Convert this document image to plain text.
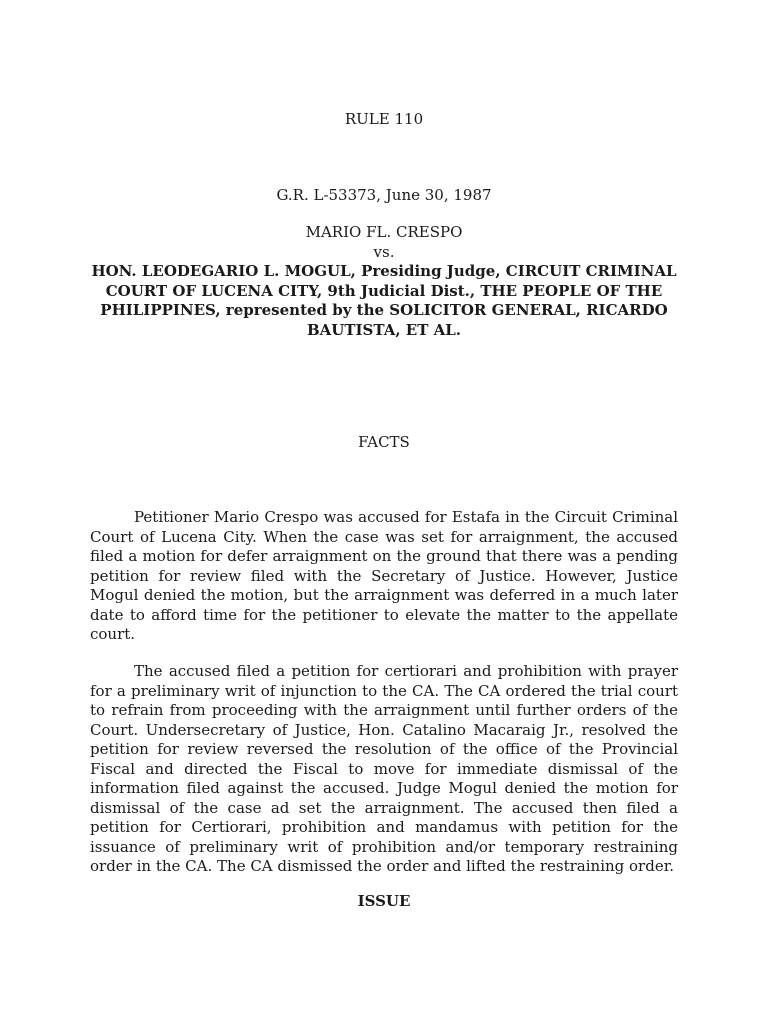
RULE 110
G.R. L-53373, June 30, 1987
MARIO FL. CRESPO
vs.
HON. LEODEGARIO L. MOGUL, Presiding Judge, CIRCUIT CRIMINAL COURT OF LUCENA CITY, 9th Judicial Dist., THE PEOPLE OF THE PHILIPPINES, represented by the SOLICITOR GENERAL, RICARDO BAUTISTA, ET AL.
FACTS

Petitioner Mario Crespo was accused for Estafa in the Circuit Criminal Court of Lucena City. When the case was set for arraignment, the accused filed a motion for defer arraignment on the ground that there was a pending petition for review filed with the Secretary of Justice. However, Justice Mogul denied the motion, but the arraignment was deferred in a much later date to afford time for the petitioner to elevate the matter to the appellate court.

The accused filed a petition for certiorari and prohibition with prayer for a preliminary writ of injunction to the CA. The CA ordered the trial court to refrain from proceeding with the arraignment until further orders of the Court. Undersecretary of Justice, Hon. Catalino Macaraig Jr., resolved the petition for review reversed the resolution of the office of the Provincial Fiscal and directed the Fiscal to move for immediate dismissal of the information filed against the accused. Judge Mogul denied the motion for dismissal of the case ad set the arraignment. The accused then filed a petition for Certiorari, prohibition and mandamus with petition for the issuance of preliminary writ of prohibition and/or temporary restraining order in the CA. The CA dismissed the order and lifted the restraining order.

ISSUE
